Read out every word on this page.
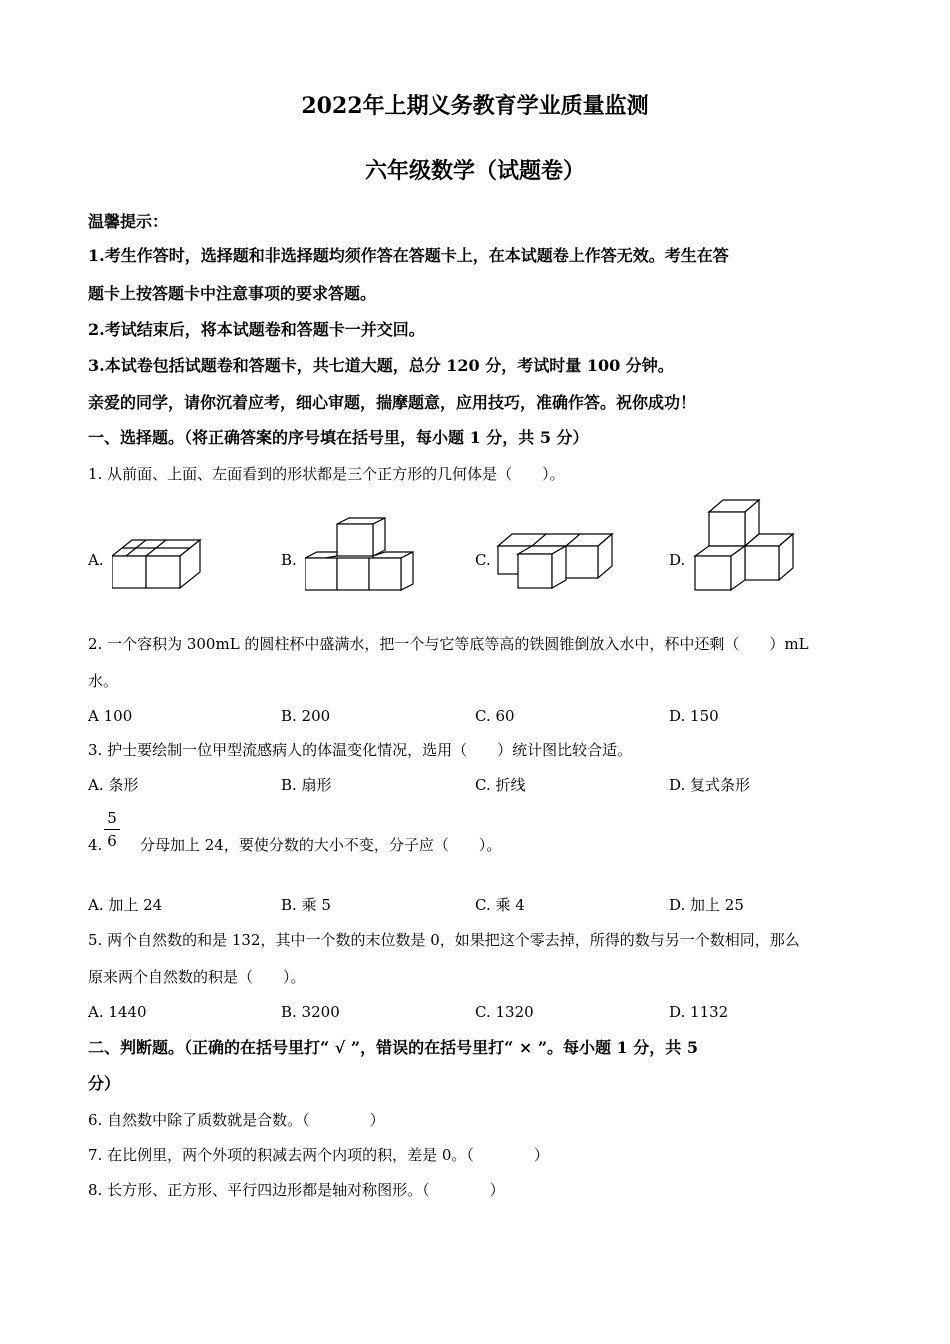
2022年上期义务教育学业质量监测
六年级数学（试题卷）
温馨提示：
1.考生作答时，选择题和非选择题均须作答在答题卡上，在本试题卷上作答无效。考生在答
题卡上按答题卡中注意事项的要求答题。
2.考试结束后，将本试题卷和答题卡一并交回。
3.本试卷包括试题卷和答题卡，共七道大题，总分 120 分，考试时量 100 分钟。
亲爱的同学，请你沉着应考，细心审题，揣摩题意，应用技巧，准确作答。祝你成功！
一、选择题。（将正确答案的序号填在括号里，每小题 1 分，共 5 分）
1. 从前面、上面、左面看到的形状都是三个正方形的几何体是（　　）。
A.	B.	C.	D.
2. 一个容积为 300mL 的圆柱杯中盛满水，把一个与它等底等高的铁圆锥倒放入水中，杯中还剩（　　）mL
水。
A 100	B. 200	C. 60	D. 150
3. 护士要绘制一位甲型流感病人的体温变化情况，选用（　　）统计图比较合适。
A. 条形	B. 扇形	C. 折线	D. 复式条形
4.
5
6 分母加上 24，要使分数的大小不变，分子应（　　）。
A. 加上 24	B. 乘 5	C. 乘 4	D. 加上 25
5. 两个自然数的和是 132，其中一个数的末位数是 0，如果把这个零去掉，所得的数与另一个数相同，那么
原来两个自然数的积是（　　）。
A. 1440	B. 3200	C. 1320	D. 1132
二、判断题。（正确的在括号里打“ √ ”，错误的在括号里打“ × ”。每小题 1 分，共 5
分）
6. 自然数中除了质数就是合数。（　　　　）
7. 在比例里，两个外项的积减去两个内项的积，差是 0。（　　　　）
8. 长方形、正方形、平行四边形都是轴对称图形。（　　　　）
